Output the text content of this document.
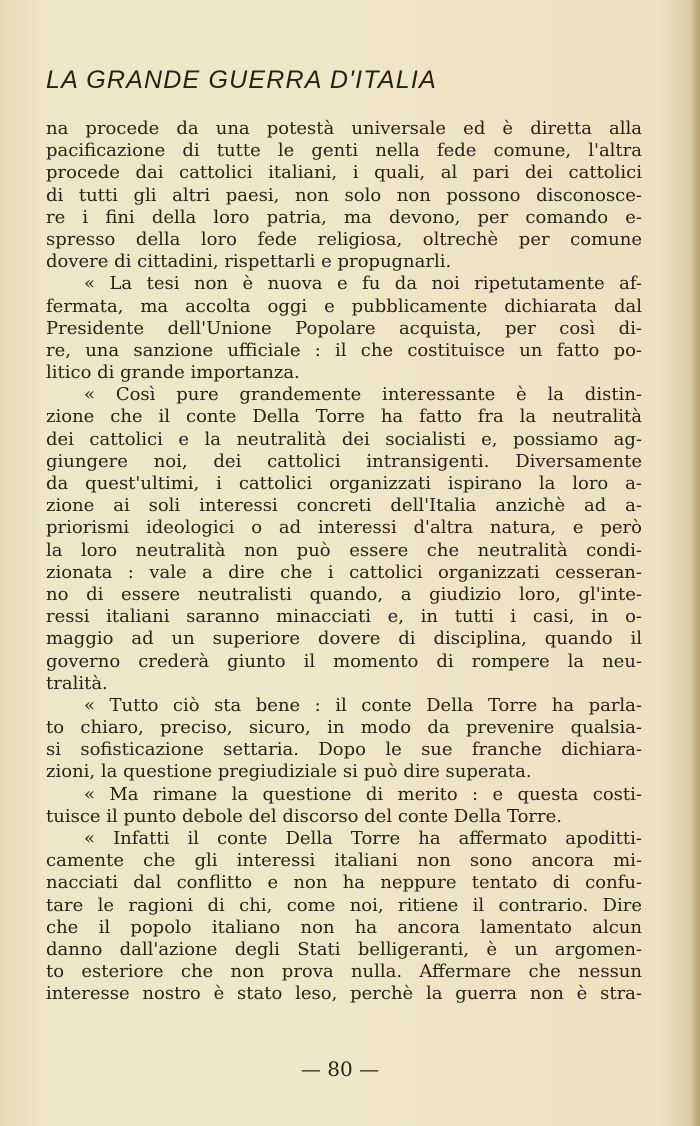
LA GRANDE GUERRA D'ITALIA
na procede da una potestà universale ed è diretta alla
pacificazione di tutte le genti nella fede comune, l'altra
procede dai cattolici italiani, i quali, al pari dei cattolici
di tutti gli altri paesi, non solo non possono disconosce-
re i fini della loro patria, ma devono, per comando e-
spresso della loro fede religiosa, oltrechè per comune
dovere di cittadini, rispettarli e propugnarli.
« La tesi non è nuova e fu da noi ripetutamente af-
fermata, ma accolta oggi e pubblicamente dichiarata dal
Presidente dell'Unione Popolare acquista, per così di-
re, una sanzione ufficiale : il che costituisce un fatto po-
litico di grande importanza.
« Così pure grandemente interessante è la distin-
zione che il conte Della Torre ha fatto fra la neutralità
dei cattolici e la neutralità dei socialisti e, possiamo ag-
giungere noi, dei cattolici intransigenti. Diversamente
da quest'ultimi, i cattolici organizzati ispirano la loro a-
zione ai soli interessi concreti dell'Italia anzichè ad a-
priorismi ideologici o ad interessi d'altra natura, e però
la loro neutralità non può essere che neutralità condi-
zionata : vale a dire che i cattolici organizzati cesseran-
no di essere neutralisti quando, a giudizio loro, gl'inte-
ressi italiani saranno minacciati e, in tutti i casi, in o-
maggio ad un superiore dovere di disciplina, quando il
governo crederà giunto il momento di rompere la neu-
tralità.
« Tutto ciò sta bene : il conte Della Torre ha parla-
to chiaro, preciso, sicuro, in modo da prevenire qualsia-
si sofisticazione settaria. Dopo le sue franche dichiara-
zioni, la questione pregiudiziale si può dire superata.
« Ma rimane la questione di merito : e questa costi-
tuisce il punto debole del discorso del conte Della Torre.
« Infatti il conte Della Torre ha affermato apoditti-
camente che gli interessi italiani non sono ancora mi-
nacciati dal conflitto e non ha neppure tentato di confu-
tare le ragioni di chi, come noi, ritiene il contrario. Dire
che il popolo italiano non ha ancora lamentato alcun
danno dall'azione degli Stati belligeranti, è un argomen-
to esteriore che non prova nulla. Affermare che nessun
interesse nostro è stato leso, perchè la guerra non è stra-
— 80 —
